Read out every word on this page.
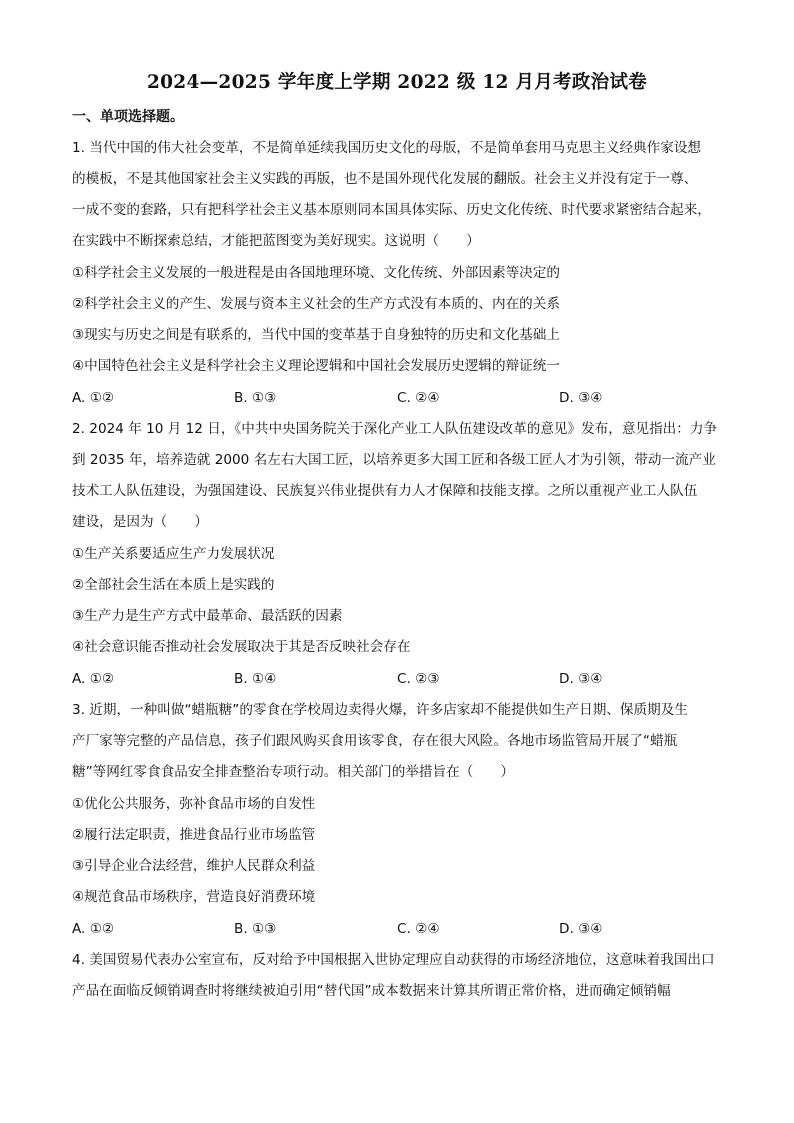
2024—2025 学年度上学期 2022 级 12 月月考政治试卷
一、单项选择题。
1. 当代中国的伟大社会变革，不是简单延续我国历史文化的母版，不是简单套用马克思主义经典作家设想
的模板，不是其他国家社会主义实践的再版，也不是国外现代化发展的翻版。社会主义并没有定于一尊、
一成不变的套路，只有把科学社会主义基本原则同本国具体实际、历史文化传统、时代要求紧密结合起来，
在实践中不断探索总结，才能把蓝图变为美好现实。这说明（　　）
①科学社会主义发展的一般进程是由各国地理环境、文化传统、外部因素等决定的
②科学社会主义的产生、发展与资本主义社会的生产方式没有本质的、内在的关系
③现实与历史之间是有联系的，当代中国的变革基于自身独特的历史和文化基础上
④中国特色社会主义是科学社会主义理论逻辑和中国社会发展历史逻辑的辩证统一
A. ①②	B. ①③	C. ②④	D. ③④
2. 2024 年 10 月 12 日，《中共中央国务院关于深化产业工人队伍建设改革的意见》发布，意见指出：力争
到 2035 年，培养造就 2000 名左右大国工匠，以培养更多大国工匠和各级工匠人才为引领，带动一流产业
技术工人队伍建设，为强国建设、民族复兴伟业提供有力人才保障和技能支撑。之所以重视产业工人队伍
建设，是因为（　　）
①生产关系要适应生产力发展状况
②全部社会生活在本质上是实践的
③生产力是生产方式中最革命、最活跃的因素
④社会意识能否推动社会发展取决于其是否反映社会存在
A. ①②	B. ①④	C. ②③	D. ③④
3. 近期，一种叫做“蜡瓶糖”的零食在学校周边卖得火爆，许多店家却不能提供如生产日期、保质期及生
产厂家等完整的产品信息，孩子们跟风购买食用该零食，存在很大风险。各地市场监管局开展了“蜡瓶
糖”等网红零食食品安全排查整治专项行动。相关部门的举措旨在（　　）
①优化公共服务，弥补食品市场的自发性
②履行法定职责，推进食品行业市场监管
③引导企业合法经营，维护人民群众利益
④规范食品市场秩序，营造良好消费环境
A. ①②	B. ①③	C. ②④	D. ③④
4. 美国贸易代表办公室宣布，反对给予中国根据入世协定理应自动获得的市场经济地位，这意味着我国出口
产品在面临反倾销调查时将继续被迫引用“替代国”成本数据来计算其所谓正常价格，进而确定倾销幅
